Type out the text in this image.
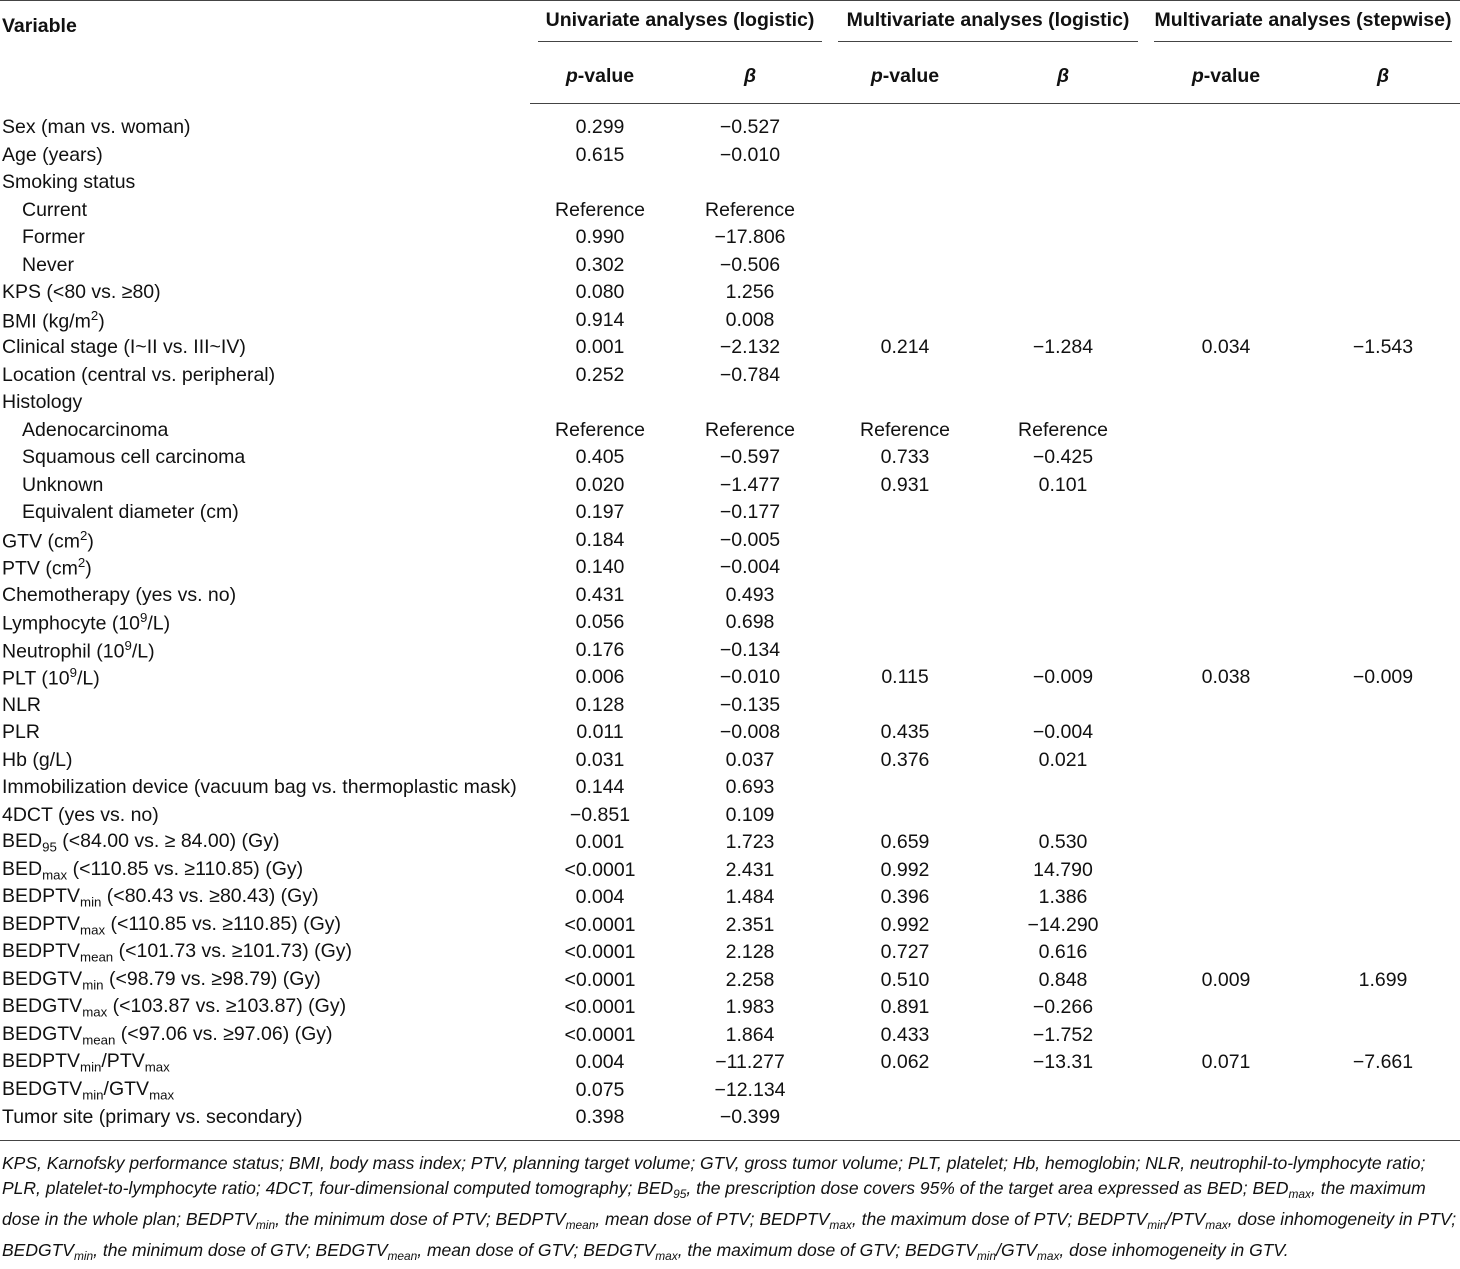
Variable	Univariate analyses (logistic)		Multivariate analyses (logistic)		Multivariate analyses (stepwise)	

	p-value	β	p-value	β	p-value	β
Sex (man vs. woman)	0.299	−0.527				
Age (years)	0.615	−0.010				
Smoking status						
Current	Reference	Reference				
Former	0.990	−17.806				
Never	0.302	−0.506				
KPS (<80 vs. ≥80)	0.080	1.256				
BMI $(kg/m^2)$	0.914	0.008				
Clinical stage (I~II vs. III~IV)	0.001	−2.132	0.214	−1.284	0.034	−1.543
Location (central vs. peripheral)	0.252	−0.784				
Histology						
Adenocarcinoma	Reference	Reference	Reference	Reference		
Squamous cell carcinoma	0.405	−0.597	0.733	−0.425		
Unknown	0.020	−1.477	0.931	0.101		
Equivalent diameter (cm)	0.197	−0.177				
GTV $(cm^2)$	0.184	−0.005				
PTV $(cm^2)$	0.140	−0.004				
Chemotherapy (yes vs. no)	0.431	0.493				
Lymphocyte $(10^9/L)$	0.056	0.698				
Neutrophil $(10^9/L)$	0.176	−0.134				
PLT $(10^9/L)$	0.006	−0.010	0.115	−0.009	0.038	−0.009
NLR	0.128	−0.135				
PLR	0.011	−0.008	0.435	−0.004		
Hb (g/L)	0.031	0.037	0.376	0.021		
Immobilization device (vacuum bag vs. thermoplastic mask)	0.144	0.693				
4DCT (yes vs. no)	−0.851	0.109				
$BED_{95}$ (<84.00 vs. ≥ 84.00) (Gy)	0.001	1.723	0.659	0.530		
$BED_{max}$ (<110.85 vs. ≥110.85) (Gy)	<0.0001	2.431	0.992	14.790		
$BEDPTV_{min}$ (<80.43 vs. ≥80.43) (Gy)	0.004	1.484	0.396	1.386		
$BEDPTV_{max}$ (<110.85 vs. ≥110.85) (Gy)	<0.0001	2.351	0.992	−14.290		
$BEDPTV_{mean}$ (<101.73 vs. ≥101.73) (Gy)	<0.0001	2.128	0.727	0.616		
$BEDGTV_{min}$ (<98.79 vs. ≥98.79) (Gy)	<0.0001	2.258	0.510	0.848	0.009	1.699
$BEDGTV_{max}$ (<103.87 vs. ≥103.87) (Gy)	<0.0001	1.983	0.891	−0.266		
$BEDGTV_{mean}$ (<97.06 vs. ≥97.06) (Gy)	<0.0001	1.864	0.433	−1.752		
$BEDPTV_{min}/PTV_{max}$	0.004	−11.277	0.062	−13.31	0.071	−7.661
$BEDGTV_{min}/GTV_{max}$	0.075	−12.134				
Tumor site (primary vs. secondary)	0.398	−0.399				
KPS, Karnofsky performance status; BMI, body mass index; PTV, planning target volume; GTV, gross tumor volume; PLT, platelet; Hb, hemoglobin; NLR, neutrophil-to-lymphocyte ratio; PLR, platelet-to-lymphocyte ratio; 4DCT, four-dimensional computed tomography; $BED_{95}$, the prescription dose covers 95% of the target area expressed as BED; $BED_{max}$, the maximum dose in the whole plan; $BEDPTV_{min}$, the minimum dose of PTV; $BEDPTV_{mean}$, mean dose of PTV; $BEDPTV_{max}$, the maximum dose of PTV; $BEDPTV_{min}/PTV_{max}$, dose inhomogeneity in PTV; $BEDGTV_{min}$, the minimum dose of GTV; $BEDGTV_{mean}$, mean dose of GTV; $BEDGTV_{max}$, the maximum dose of GTV; $BEDGTV_{min}/GTV_{max}$, dose inhomogeneity in GTV.						
